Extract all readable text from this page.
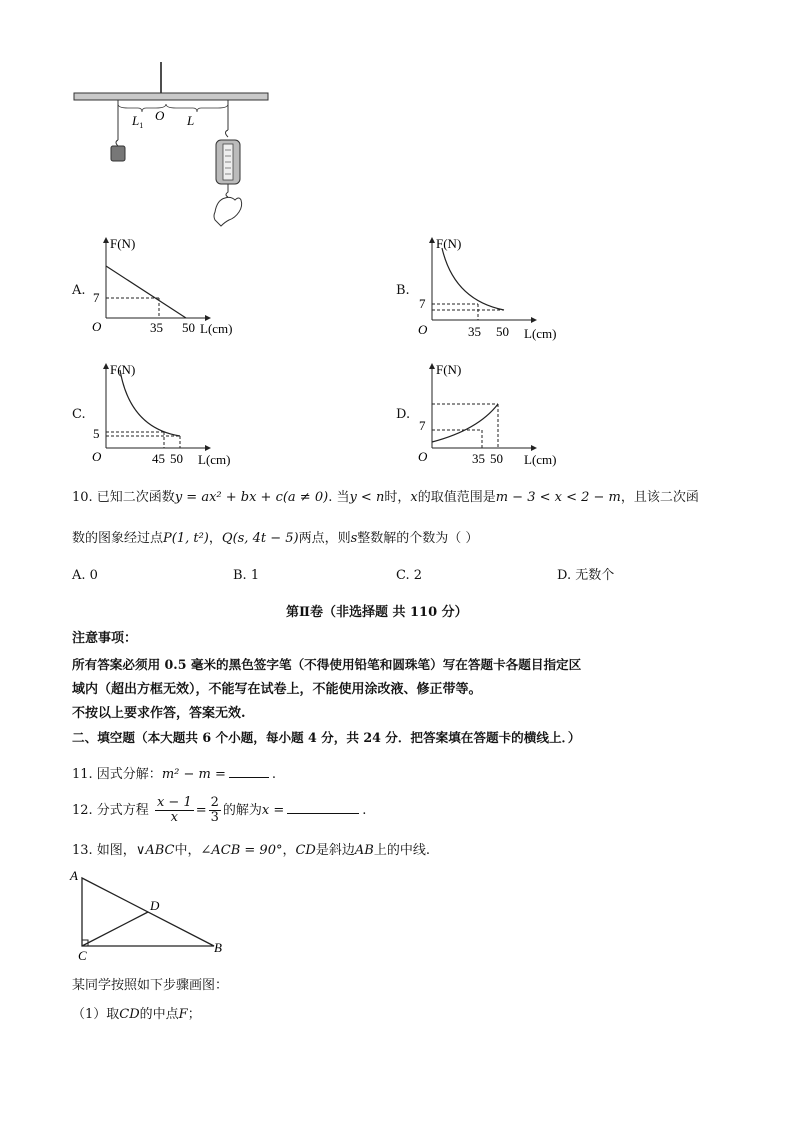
$L_1$
O L
A.
F(N)
O
7
35 50 L(cm)
B.
F(N)
O
7
35 50 L(cm)
C.
F(N)
O
5
45 50 L(cm)
D.
F(N)
O
7
35 50 L(cm)
10. 已知二次函数y = ax² + bx + c(a ≠ 0). 当y < n时，x的取值范围是m − 3 < x < 2 − m，且该二次函
数的图象经过点P(1, t²)，Q(s, 4t − 5)两点，则s整数解的个数为（ ）
A. 0	B. 1	C. 2	D. 无数个
第Ⅱ卷（非选择题 共 110 分）
注意事项：
所有答案必须用 0.5 毫米的黑色签字笔（不得使用铅笔和圆珠笔）写在答题卡各题目指定区
域内（超出方框无效），不能写在试卷上，不能使用涂改液、修正带等。
不按以上要求作答，答案无效.
二、填空题（本大题共 6 个小题，每小题 4 分，共 24 分．把答案填在答题卡的横线上．）
11. 因式分解：m² − m =	.
12. 分式方程 $\frac{x - 1}{x} = \frac{2}{3}$ 的解为x =	.
13. 如图，∨ABC中，∠ACB = 90°，CD是斜边AB上的中线.
A
D
B
C
某同学按照如下步骤画图：
（1）取CD的中点F；
